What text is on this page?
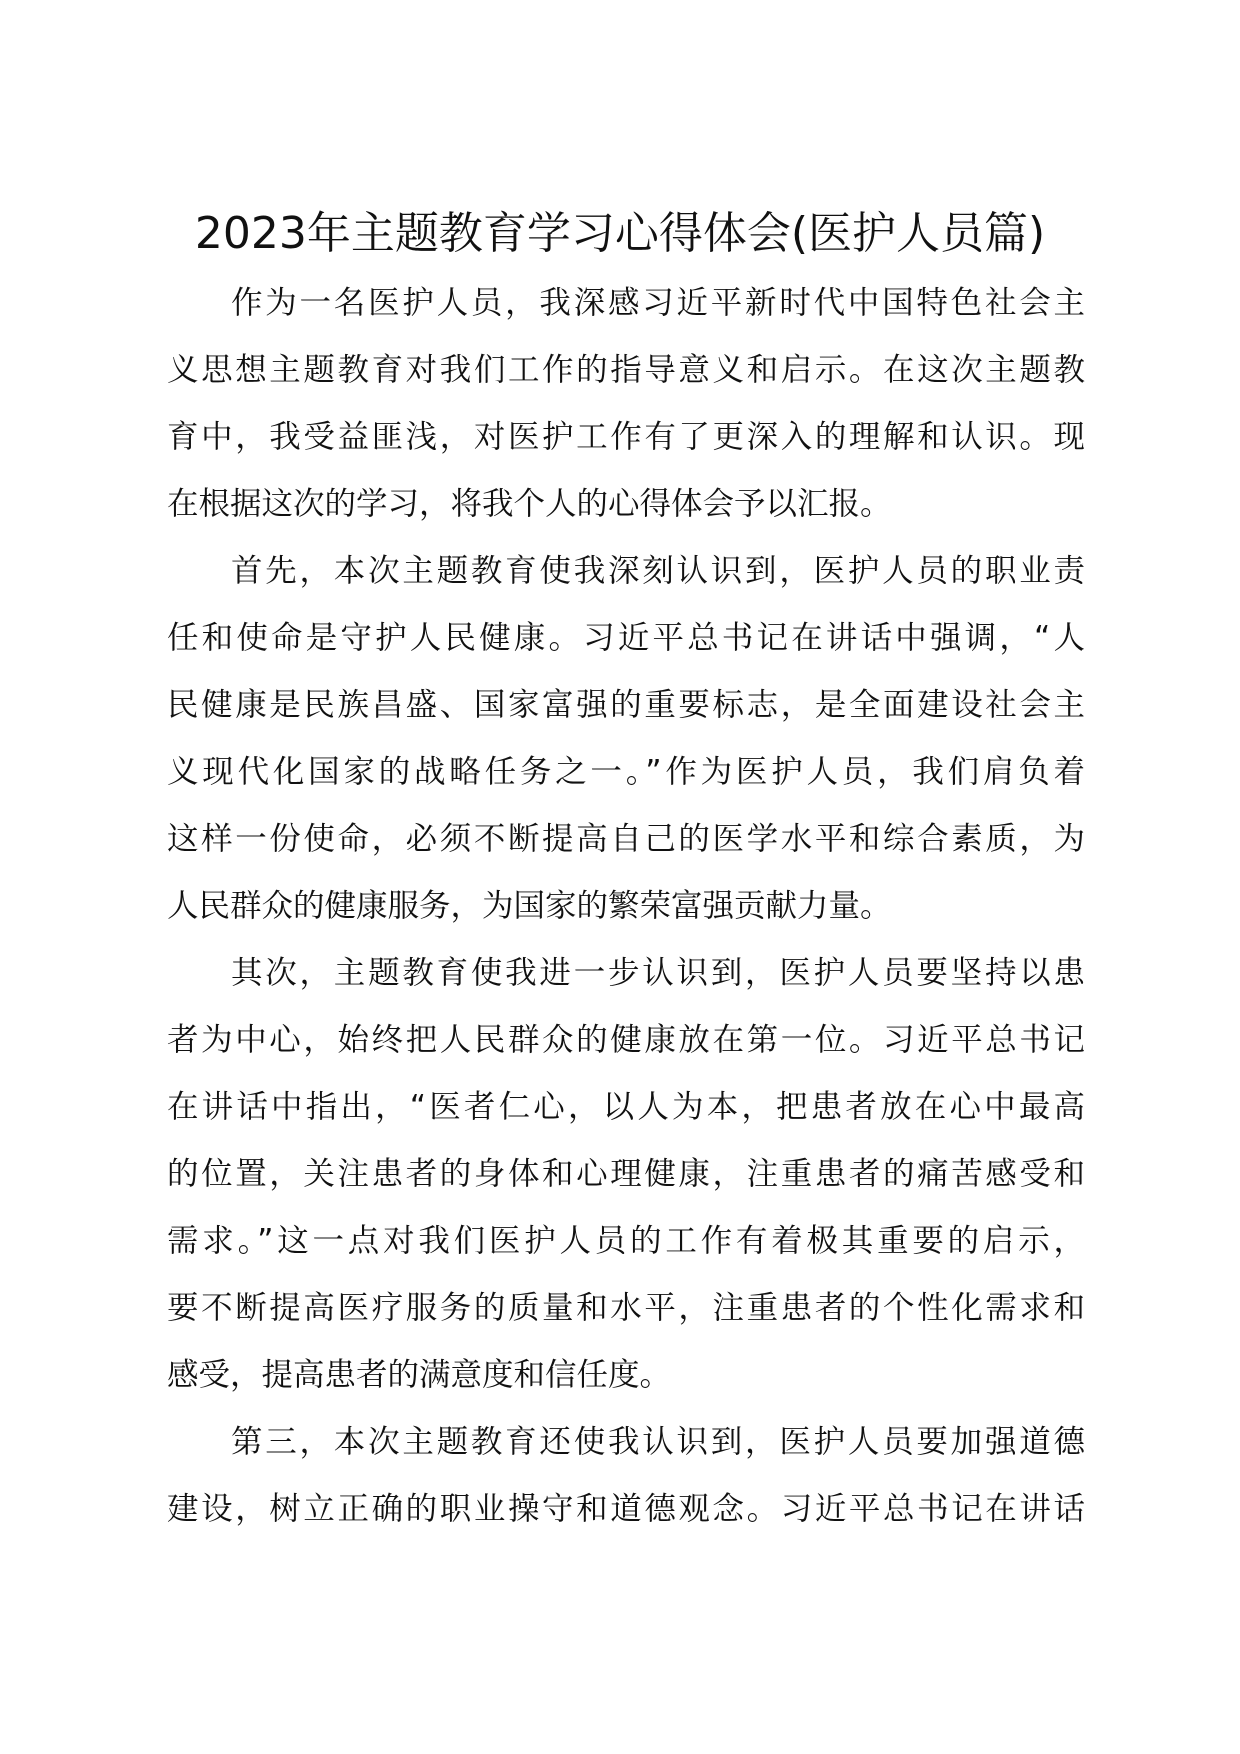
2023年主题教育学习心得体会(医护人员篇)
作为一名医护人员，我深感习近平新时代中国特色社会主
义思想主题教育对我们工作的指导意义和启示。在这次主题教
育中，我受益匪浅，对医护工作有了更深入的理解和认识。现
在根据这次的学习，将我个人的心得体会予以汇报。
首先，本次主题教育使我深刻认识到，医护人员的职业责
任和使命是守护人民健康。习近平总书记在讲话中强调，“人
民健康是民族昌盛、国家富强的重要标志，是全面建设社会主
义现代化国家的战略任务之一。”作为医护人员，我们肩负着
这样一份使命，必须不断提高自己的医学水平和综合素质，为
人民群众的健康服务，为国家的繁荣富强贡献力量。
其次，主题教育使我进一步认识到，医护人员要坚持以患
者为中心，始终把人民群众的健康放在第一位。习近平总书记
在讲话中指出，“医者仁心，以人为本，把患者放在心中最高
的位置，关注患者的身体和心理健康，注重患者的痛苦感受和
需求。”这一点对我们医护人员的工作有着极其重要的启示，
要不断提高医疗服务的质量和水平，注重患者的个性化需求和
感受，提高患者的满意度和信任度。
第三，本次主题教育还使我认识到，医护人员要加强道德
建设，树立正确的职业操守和道德观念。习近平总书记在讲话
